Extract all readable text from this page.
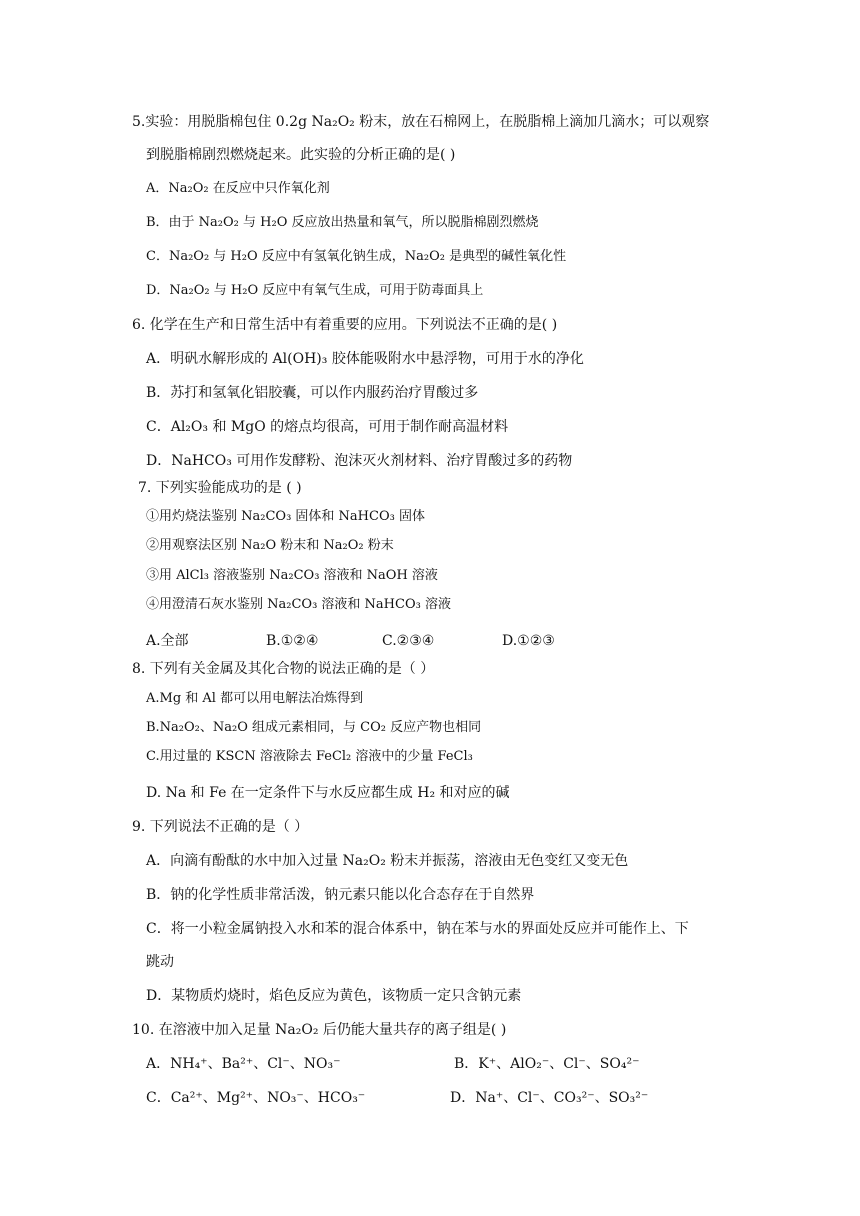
5.实验：用脱脂棉包住 0.2g Na₂O₂ 粉末，放在石棉网上，在脱脂棉上滴加几滴水；可以观察
到脱脂棉剧烈燃烧起来。此实验的分析正确的是( )
A．Na₂O₂ 在反应中只作氧化剂
B．由于 Na₂O₂ 与 H₂O 反应放出热量和氧气，所以脱脂棉剧烈燃烧
C．Na₂O₂ 与 H₂O 反应中有氢氧化钠生成，Na₂O₂ 是典型的碱性氧化性
D．Na₂O₂ 与 H₂O 反应中有氧气生成，可用于防毒面具上
6. 化学在生产和日常生活中有着重要的应用。下列说法不正确的是( )
A．明矾水解形成的 Al(OH)₃ 胶体能吸附水中悬浮物，可用于水的净化
B．苏打和氢氧化铝胶囊，可以作内服药治疗胃酸过多
C．Al₂O₃ 和 MgO 的熔点均很高，可用于制作耐高温材料
D．NaHCO₃ 可用作发酵粉、泡沫灭火剂材料、治疗胃酸过多的药物
7. 下列实验能成功的是 ( )
①用灼烧法鉴别 Na₂CO₃ 固体和 NaHCO₃ 固体
②用观察法区别 Na₂O 粉末和 Na₂O₂ 粉末
③用 AlCl₃ 溶液鉴别 Na₂CO₃ 溶液和 NaOH 溶液
④用澄清石灰水鉴别 Na₂CO₃ 溶液和 NaHCO₃ 溶液
A.全部	B.①②④	C.②③④	D.①②③
8. 下列有关金属及其化合物的说法正确的是（ ）
A.Mg 和 Al 都可以用电解法冶炼得到
B.Na₂O₂、Na₂O 组成元素相同，与 CO₂ 反应产物也相同
C.用过量的 KSCN 溶液除去 FeCl₂ 溶液中的少量 FeCl₃
D. Na 和 Fe 在一定条件下与水反应都生成 H₂ 和对应的碱
9. 下列说法不正确的是（ ）
A．向滴有酚酞的水中加入过量 Na₂O₂ 粉末并振荡，溶液由无色变红又变无色
B．钠的化学性质非常活泼，钠元素只能以化合态存在于自然界
C．将一小粒金属钠投入水和苯的混合体系中，钠在苯与水的界面处反应并可能作上、下
跳动
D．某物质灼烧时，焰色反应为黄色，该物质一定只含钠元素
10. 在溶液中加入足量 Na₂O₂ 后仍能大量共存的离子组是( )
A．NH₄⁺、Ba²⁺、Cl⁻、NO₃⁻	B．K⁺、AlO₂⁻、Cl⁻、SO₄²⁻
C．Ca²⁺、Mg²⁺、NO₃⁻、HCO₃⁻	D．Na⁺、Cl⁻、CO₃²⁻、SO₃²⁻
